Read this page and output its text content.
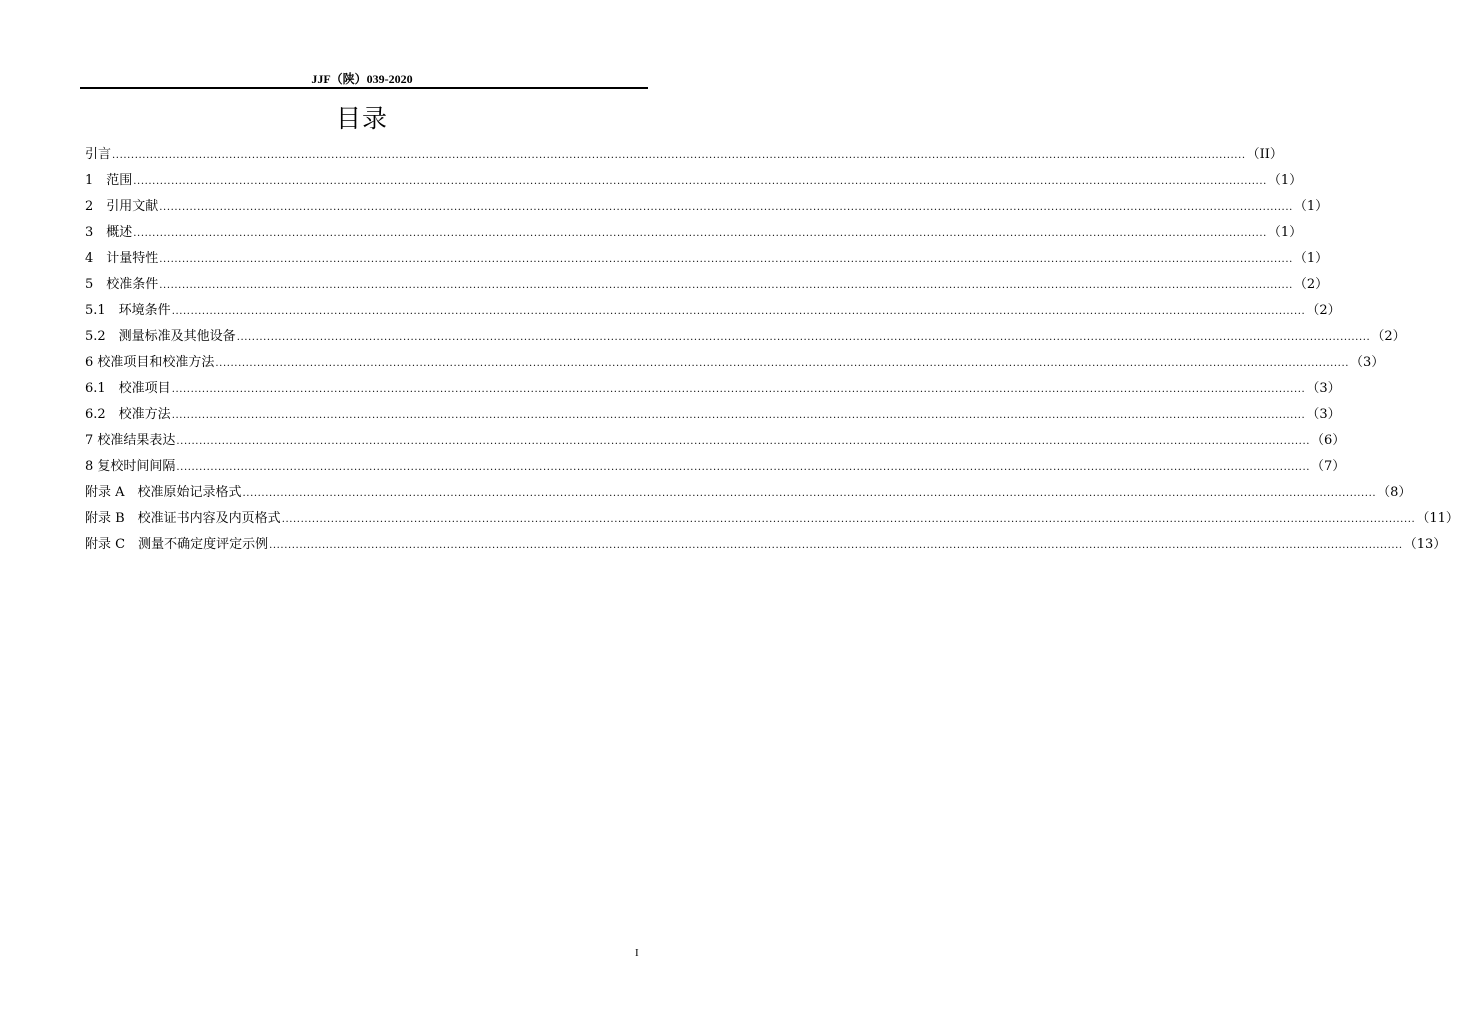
JJF（陕）039-2020
目录
引言 ............................................................................................................................................................................................................................................................................................................ （II）
1　范围 ............................................................................................................................................................................................................................................................................................................ （1）
2　引用文献 ............................................................................................................................................................................................................................................................................................................ （1）
3　概述 ............................................................................................................................................................................................................................................................................................................ （1）
4　计量特性 ............................................................................................................................................................................................................................................................................................................ （1）
5　校准条件 ............................................................................................................................................................................................................................................................................................................ （2）
5.1　环境条件 ............................................................................................................................................................................................................................................................................................................ （2）
5.2　测量标准及其他设备 ............................................................................................................................................................................................................................................................................................................ （2）
6 校准项目和校准方法 ............................................................................................................................................................................................................................................................................................................ （3）
6.1　校准项目 ............................................................................................................................................................................................................................................................................................................ （3）
6.2　校准方法 ............................................................................................................................................................................................................................................................................................................ （3）
7 校准结果表达 ............................................................................................................................................................................................................................................................................................................ （6）
8 复校时间间隔 ............................................................................................................................................................................................................................................................................................................ （7）
附录 A　校准原始记录格式 ............................................................................................................................................................................................................................................................................................................ （8）
附录 B　校准证书内容及内页格式 ............................................................................................................................................................................................................................................................................................................ （11）
附录 C　测量不确定度评定示例 ............................................................................................................................................................................................................................................................................................................ （13）
I
